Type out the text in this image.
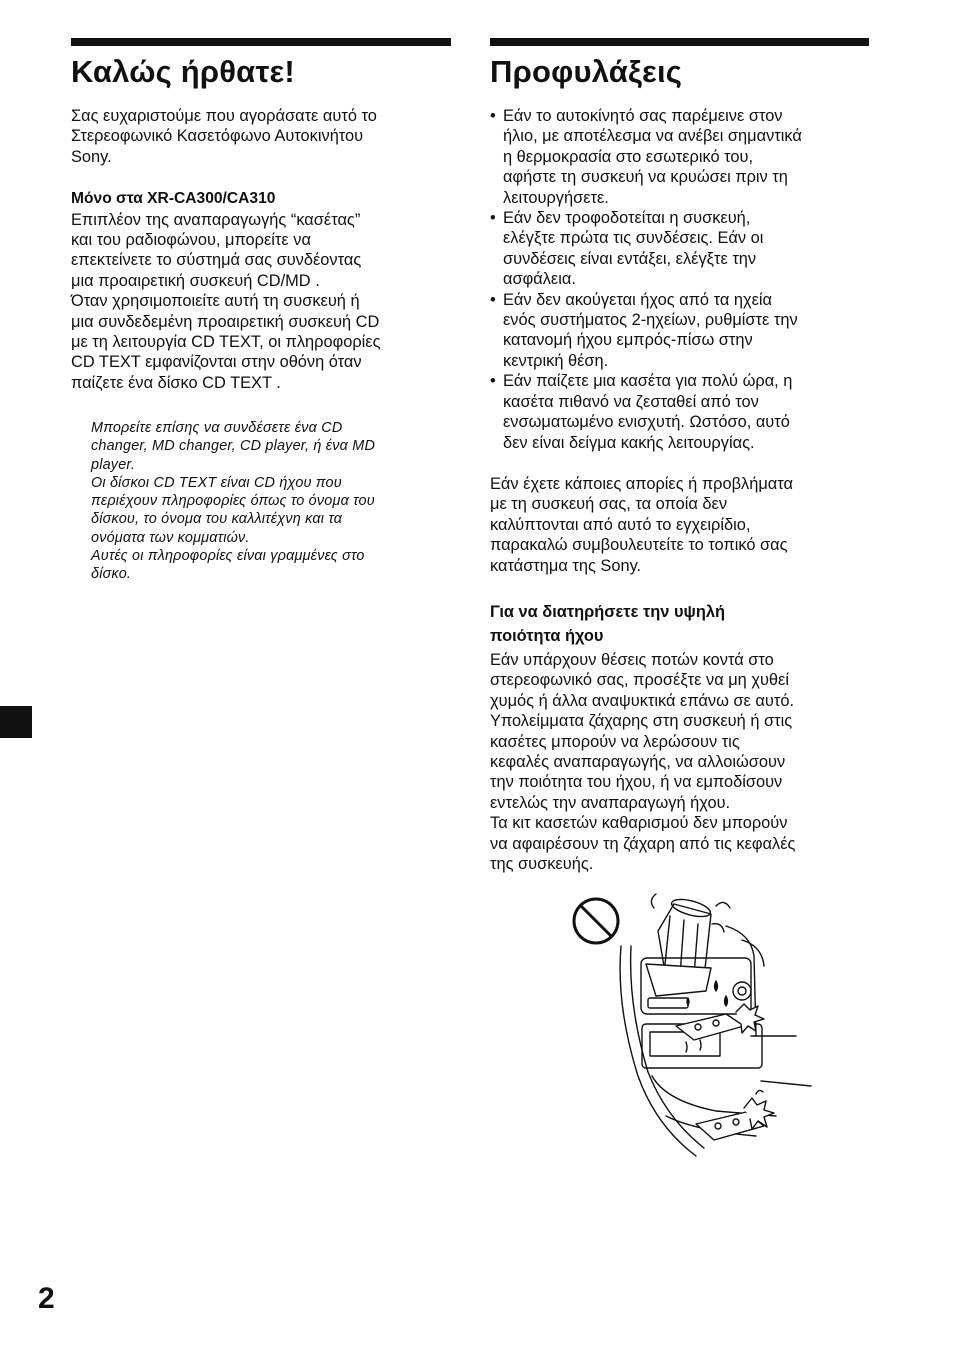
Καλώς ήρθατε!

Σας ευχαριστούμε που αγοράσατε αυτό το

Στερεοφωνικό Κασετόφωνο Αυτοκινήτου

Sony.

Μόνο στα XR-CA300/CA310

Επιπλέον της αναπαραγωγής “κασέτας”

και του ραδιοφώνου, μπορείτε να

επεκτείνετε το σύστημά σας συνδέοντας

μια προαιρετική συσκευή CD/MD .

Όταν χρησιμοποιείτε αυτή τη συσκευή ή

μια συνδεδεμένη προαιρετική συσκευή CD

με τη λειτουργία CD TEXT, οι πληροφορίες

CD TEXT εμφανίζονται στην οθόνη όταν

παίζετε ένα δίσκο CD TEXT .

Μπορείτε επίσης να συνδέσετε ένα CD
changer, MD changer, CD player, ή ένα MD
player.
Οι δίσκοι CD TEXT είναι CD ήχου που
περιέχουν πληροφορίες όπως το όνομα του
δίσκου, το όνομα του καλλιτέχνη και τα
ονόματα των κομματιών.
Αυτές οι πληροφορίες είναι γραμμένες στο
δίσκο.
Προφυλάξεις
• Εάν το αυτοκίνητό σας παρέμεινε στον
ήλιο, με αποτέλεσμα να ανέβει σημαντικά
η θερμοκρασία στο εσωτερικό του,
αφήστε τη συσκευή να κρυώσει πριν τη
λειτουργήσετε.
• Εάν δεν τροφοδοτείται η συσκευή,
ελέγξτε πρώτα τις συνδέσεις. Εάν οι
συνδέσεις είναι εντάξει, ελέγξτε την
ασφάλεια.
• Εάν δεν ακούγεται ήχος από τα ηχεία
ενός συστήματος 2-ηχείων, ρυθμίστε την
κατανομή ήχου εμπρός-πίσω στην
κεντρική θέση.
• Εάν παίζετε μια κασέτα για πολύ ώρα, η
κασέτα πιθανό να ζεσταθεί από τον
ενσωματωμένο ενισχυτή. Ωστόσο, αυτό
δεν είναι δείγμα κακής λειτουργίας.

Εάν έχετε κάποιες απορίες ή προβλήματα

με τη συσκευή σας, τα οποία δεν

καλύπτονται από αυτό το εγχειρίδιο,

παρακαλώ συμβουλευτείτε το τοπικό σας

κατάστημα της Sony.

Για να διατηρήσετε την υψηλή
ποιότητα ήχου

Εάν υπάρχουν θέσεις ποτών κοντά στο

στερεοφωνικό σας, προσέξτε να μη χυθεί

χυμός ή άλλα αναψυκτικά επάνω σε αυτό.

Υπολείμματα ζάχαρης στη συσκευή ή στις

κασέτες μπορούν να λερώσουν τις

κεφαλές αναπαραγωγής, να αλλοιώσουν

την ποιότητα του ήχου, ή να εμποδίσουν

εντελώς την αναπαραγωγή ήχου.

Τα κιτ κασετών καθαρισμού δεν μπορούν

να αφαιρέσουν τη ζάχαρη από τις κεφαλές

της συσκευής.

2
